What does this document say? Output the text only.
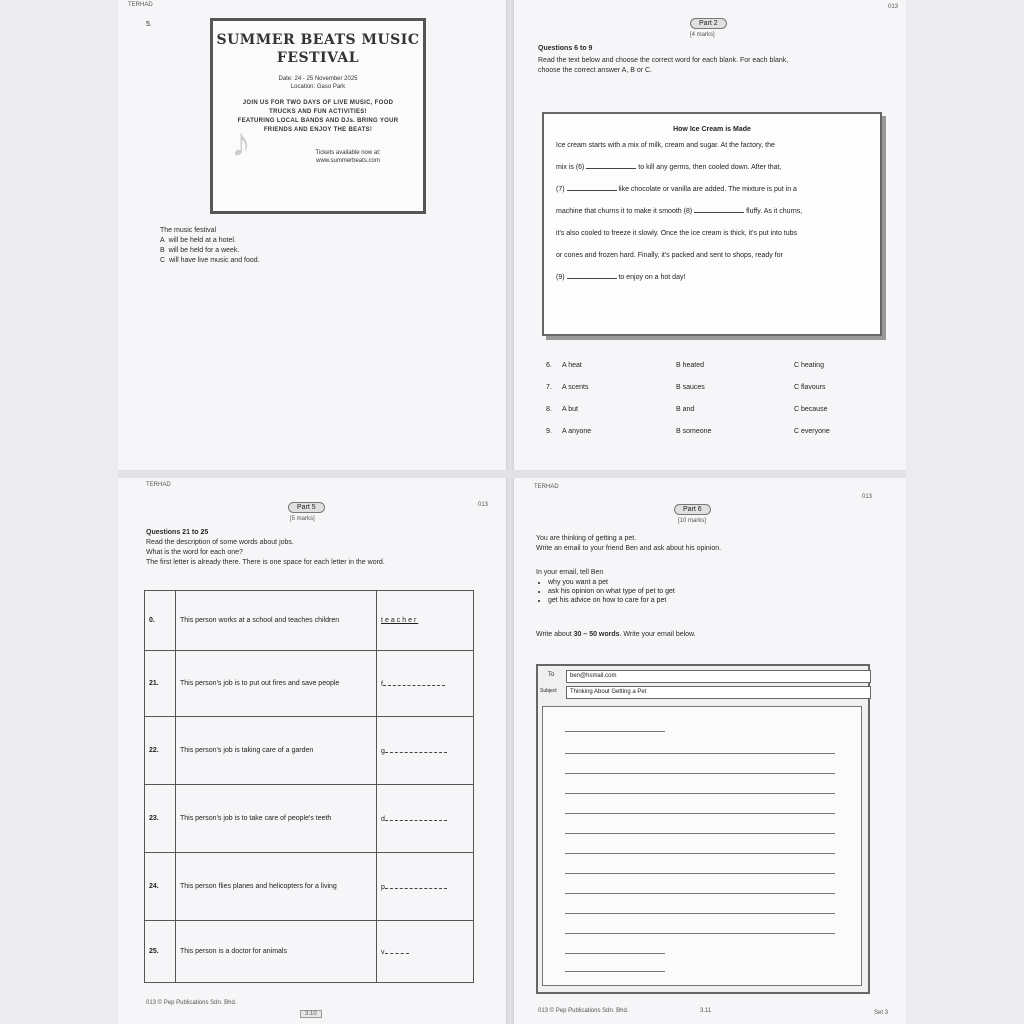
TERHAD
5.
♪
SUMMER BEATS MUSIC
FESTIVAL
Date: 24 - 25 November 2025
Location: Gaso Park
JOIN US FOR TWO DAYS OF LIVE MUSIC, FOOD
TRUCKS AND FUN ACTIVITIES!
FEATURING LOCAL BANDS AND DJs. BRING YOUR
FRIENDS AND ENJOY THE BEATS!
Tickets available now at:
www.summerbeats.com
The music festival
A will be held at a hotel.
B will be held for a week.
C will have live music and food.
013
Part 2
[4 marks]
Questions 6 to 9
Read the text below and choose the correct word for each blank. For each blank,
choose the correct answer A, B or C.
How Ice Cream is Made
Ice cream starts with a mix of milk, cream and sugar. At the factory, the
mix is (6)	to kill any germs, then cooled down. After that,
(7)	like chocolate or vanilla are added. The mixture is put in a
machine that churns it to make it smooth (8)	fluffy. As it churns,
it's also cooled to freeze it slowly. Once the ice cream is thick, it's put into tubs
or cones and frozen hard. Finally, it's packed and sent to shops, ready for
(9)	to enjoy on a hot day!
6. A heat	B heated	C heating
7. A scents	B sauces	C flavours
8. A but	B and	C because
9. A anyone	B someone	C everyone
TERHAD
013
Part 5
[5 marks]
Questions 21 to 25
Read the description of some words about jobs.
What is the word for each one?
The first letter is already there. There is one space for each letter in the word.
0.	This person works at a school and teaches children	teacher
21.	This person's job is to put out fires and save people	f
22.	This person's job is taking care of a garden	g
23.	This person's job is to take care of people's teeth	d
24.	This person flies planes and helicopters for a living	p
25.	This person is a doctor for animals	v
013 © Pep Publications Sdn. Bhd.
3.10
TERHAD
013
Part 6
[10 marks]
You are thinking of getting a pet.
Write an email to your friend Ben and ask about his opinion.
In your email, tell Ben
• why you want a pet
• ask his opinion on what type of pet to get
• get his advice on how to care for a pet
Write about 30 – 50 words. Write your email below.
To	ben@hsmail.com
Subject	Thinking About Getting a Pet
013 © Pep Publications Sdn. Bhd.	3.11	Set 3
